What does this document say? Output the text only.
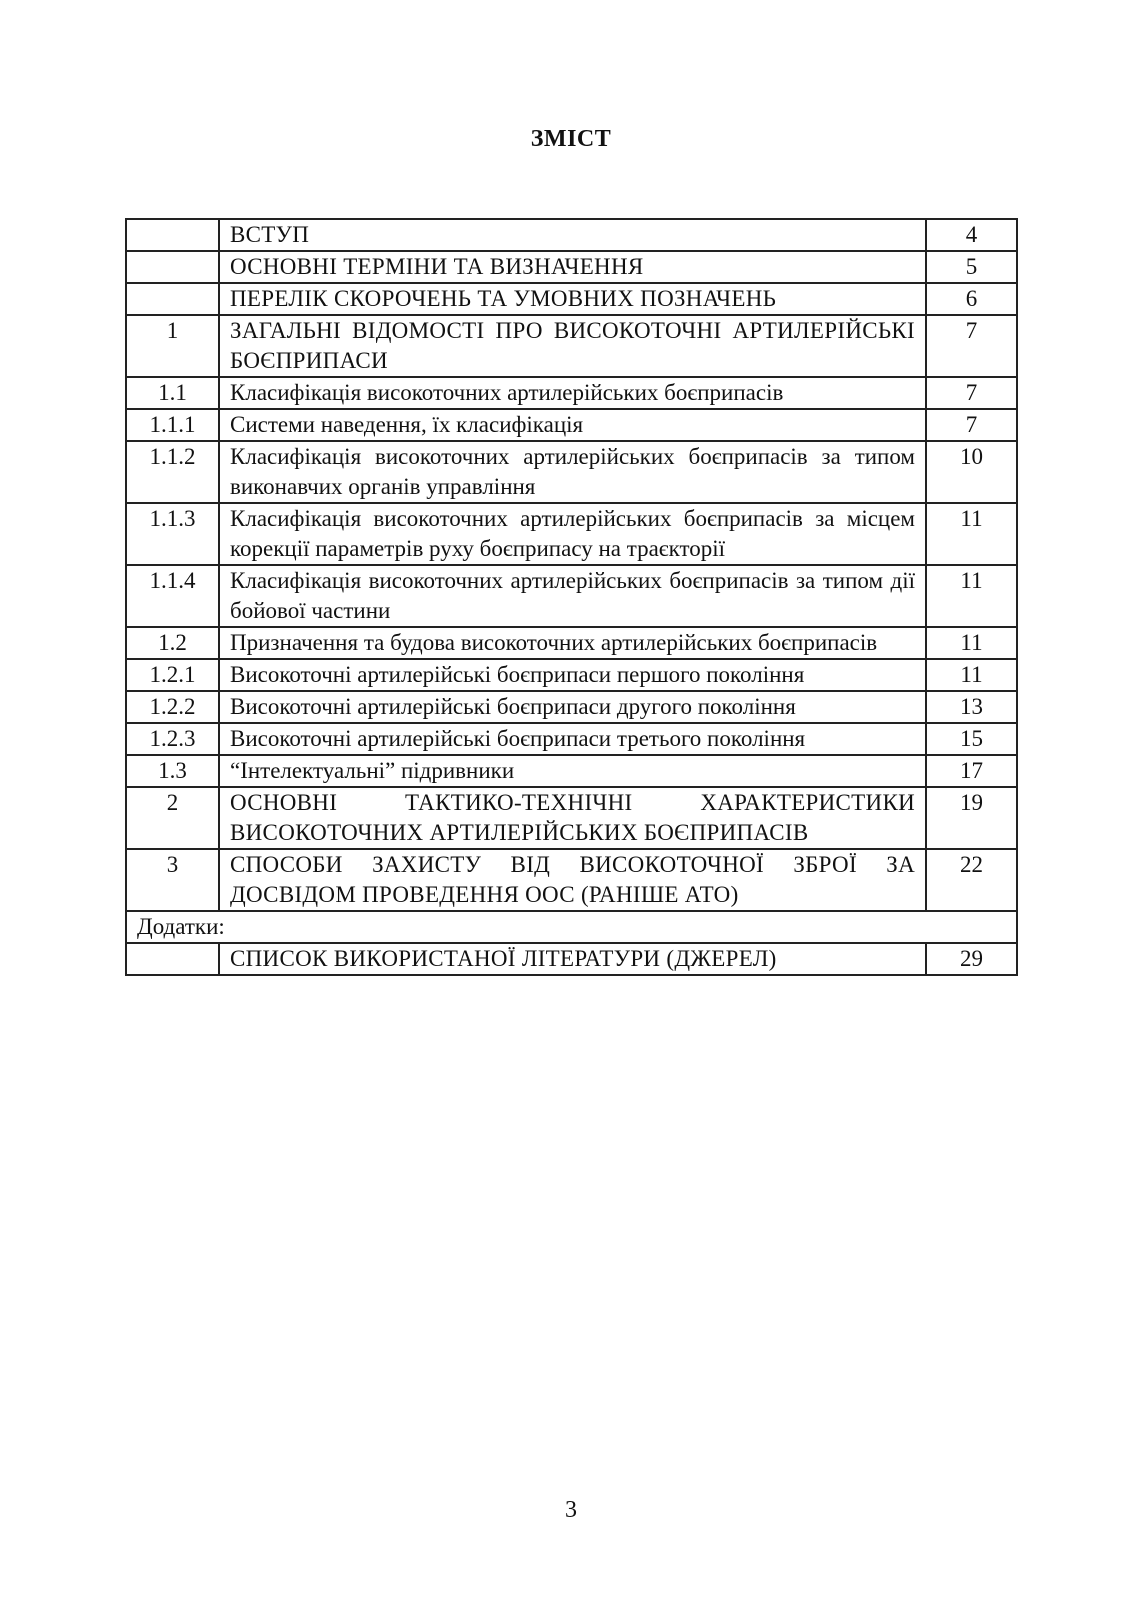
ЗМІСТ
	ВСТУП	4
	ОСНОВНІ ТЕРМІНИ ТА ВИЗНАЧЕННЯ	5
	ПЕРЕЛІК СКОРОЧЕНЬ ТА УМОВНИХ ПОЗНАЧЕНЬ	6
1	ЗАГАЛЬНІ ВІДОМОСТІ ПРО ВИСОКОТОЧНІ АРТИЛЕРІЙСЬКІ БОЄПРИПАСИ	7
1.1	Класифікація високоточних артилерійських боєприпасів	7
1.1.1	Системи наведення, їх класифікація	7
1.1.2	Класифікація високоточних артилерійських боєприпасів за типом виконавчих органів управління	10
1.1.3	Класифікація високоточних артилерійських боєприпасів за місцем корекції параметрів руху боєприпасу на траєкторії	11
1.1.4	Класифікація високоточних артилерійських боєприпасів за типом дії бойової частини	11
1.2	Призначення та будова високоточних артилерійських боєприпасів	11
1.2.1	Високоточні артилерійські боєприпаси першого покоління	11
1.2.2	Високоточні артилерійські боєприпаси другого покоління	13
1.2.3	Високоточні артилерійські боєприпаси третього покоління	15
1.3	“Інтелектуальні” підривники	17
2	ОСНОВНІ ТАКТИКО-ТЕХНІЧНІ ХАРАКТЕРИСТИКИ ВИСОКОТОЧНИХ АРТИЛЕРІЙСЬКИХ БОЄПРИПАСІВ	19
3	СПОСОБИ ЗАХИСТУ ВІД ВИСОКОТОЧНОЇ ЗБРОЇ ЗА ДОСВІДОМ ПРОВЕДЕННЯ ООС (РАНІШЕ АТО)	22
Додатки:		
	СПИСОК ВИКОРИСТАНОЇ ЛІТЕРАТУРИ (ДЖЕРЕЛ)	29
3
